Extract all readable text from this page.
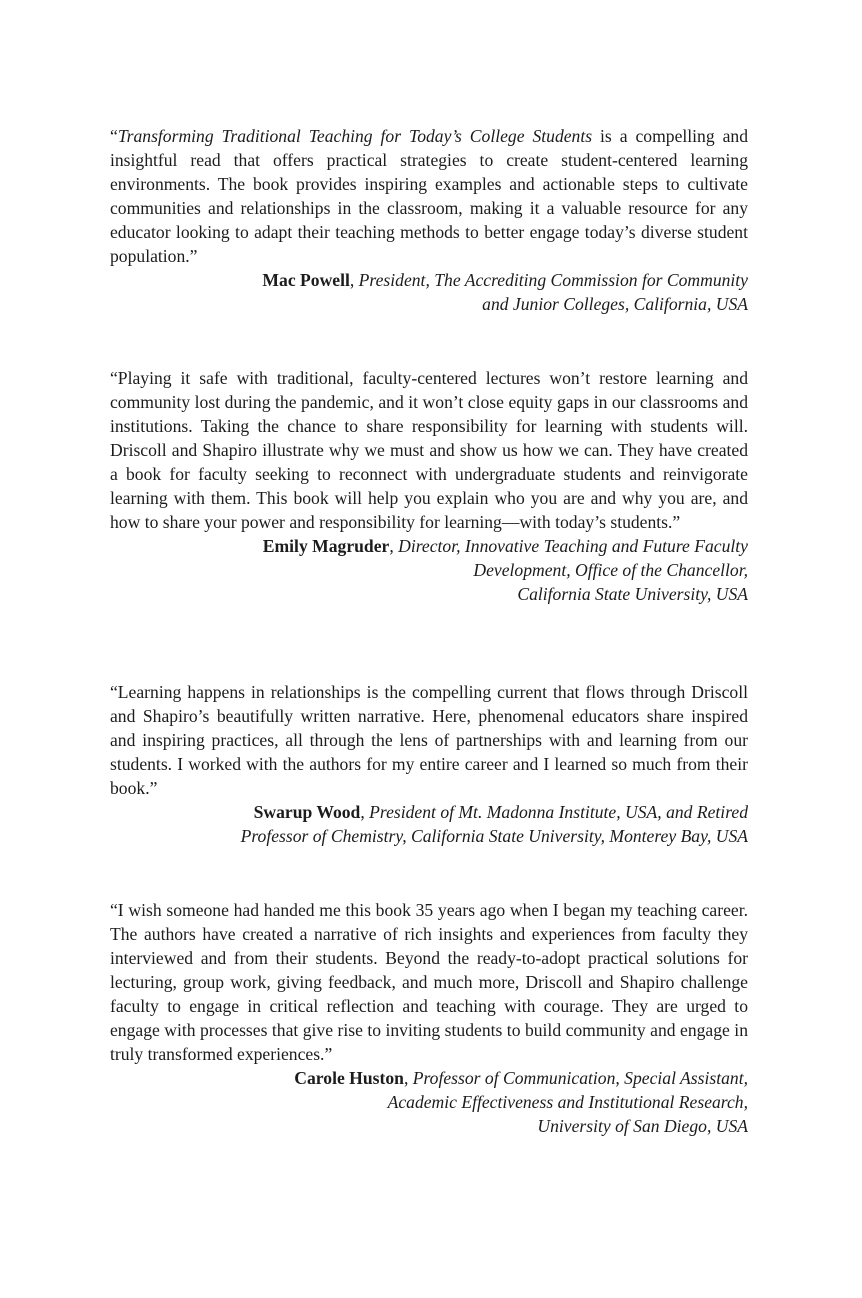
“Transforming Traditional Teaching for Today’s College Students is a compelling and insightful read that offers practical strategies to create student-centered learning environments. The book provides inspiring examples and actionable steps to cultivate communities and relationships in the classroom, making it a valuable resource for any educator looking to adapt their teaching methods to better engage today’s diverse student population.”

Mac Powell, President, The Accrediting Commission for Community
and Junior Colleges, California, USA

“Playing it safe with traditional, faculty-centered lectures won’t restore learning and community lost during the pandemic, and it won’t close equity gaps in our classrooms and institutions. Taking the chance to share responsibility for learning with students will. Driscoll and Shapiro illustrate why we must and show us how we can. They have created a book for faculty seeking to reconnect with undergraduate students and reinvigorate learning with them. This book will help you explain who you are and why you are, and how to share your power and responsibility for learning—with today’s students.”

Emily Magruder, Director, Innovative Teaching and Future Faculty
Development, Office of the Chancellor,
California State University, USA

“Learning happens in relationships is the compelling current that flows through Driscoll and Shapiro’s beautifully written narrative. Here, phenomenal educators share inspired and inspiring practices, all through the lens of partnerships with and learning from our students. I worked with the authors for my entire career and I learned so much from their book.”

Swarup Wood, President of Mt. Madonna Institute, USA, and Retired
Professor of Chemistry, California State University, Monterey Bay, USA

“I wish someone had handed me this book 35 years ago when I began my teaching career. The authors have created a narrative of rich insights and experiences from faculty they interviewed and from their students. Beyond the ready-to-adopt practical solutions for lecturing, group work, giving feedback, and much more, Driscoll and Shapiro challenge faculty to engage in critical reflection and teaching with courage. They are urged to engage with processes that give rise to inviting students to build community and engage in truly transformed experiences.”

Carole Huston, Professor of Communication, Special Assistant,
Academic Effectiveness and Institutional Research,
University of San Diego, USA
